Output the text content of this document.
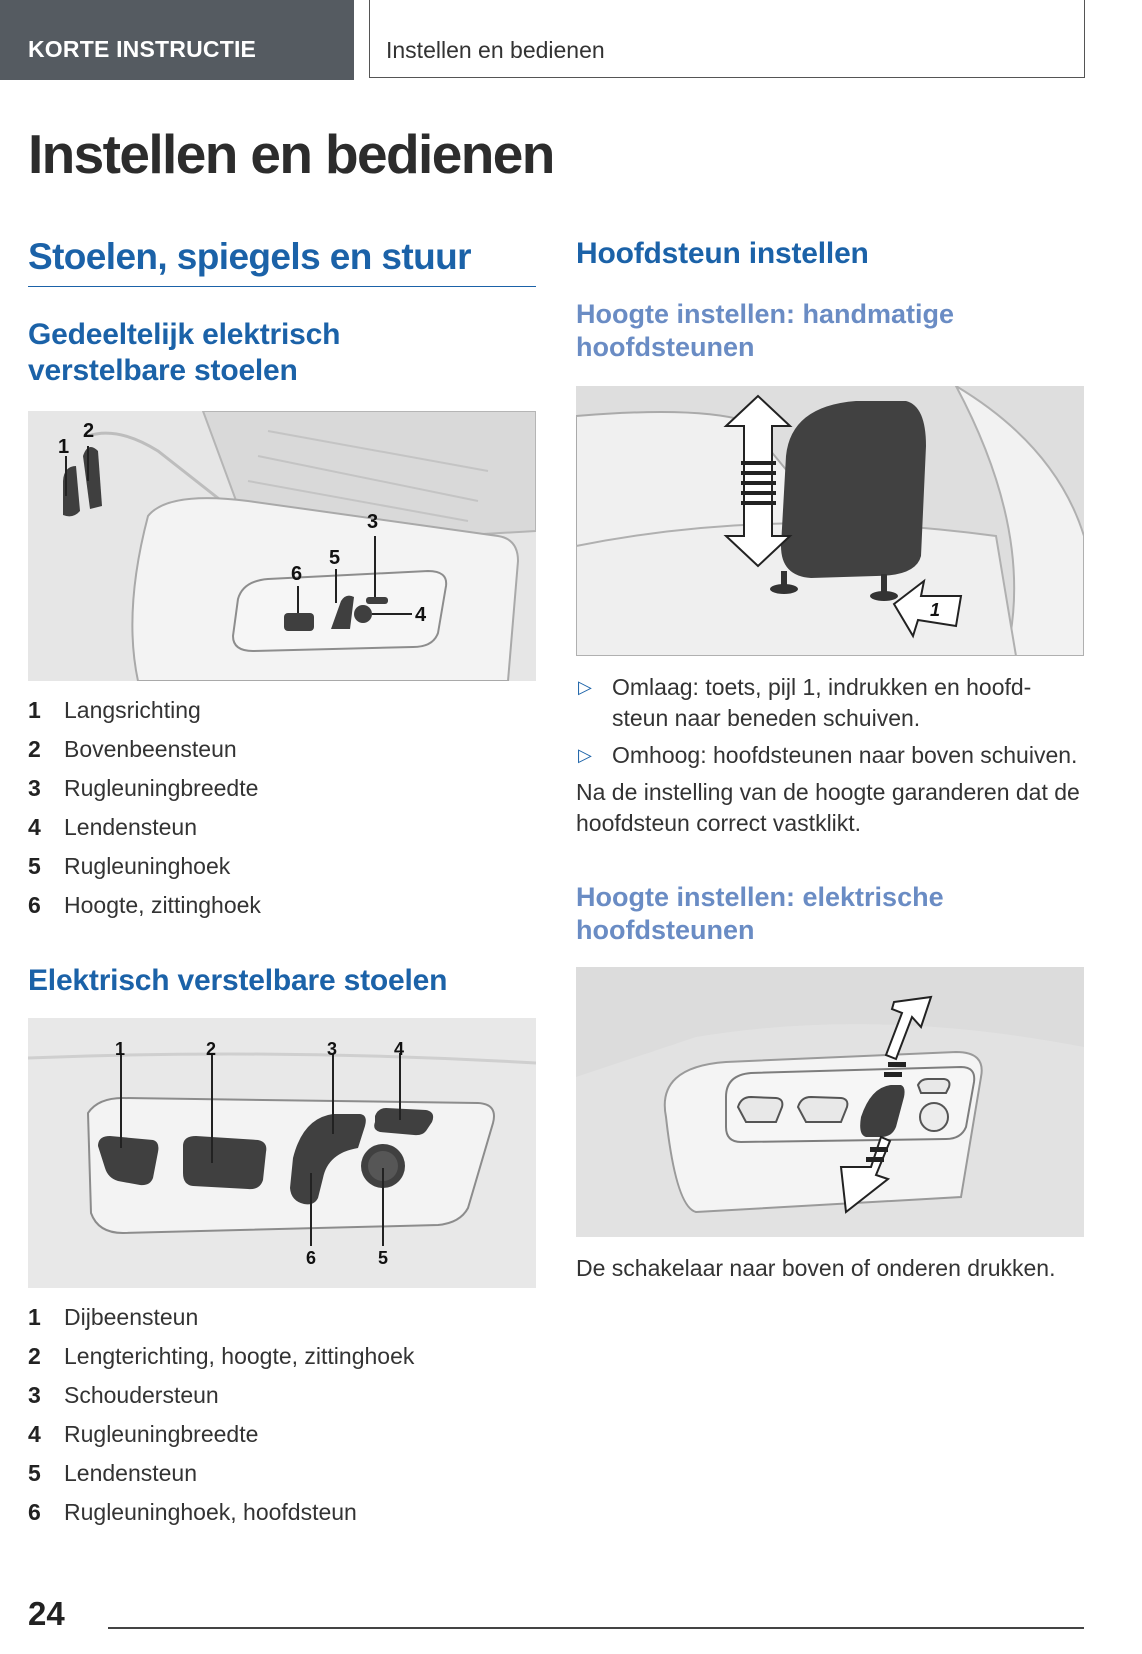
KORTE INSTRUCTIE	Instellen en bedienen
Instellen en bedienen
Stoelen, spiegels en stuur
Gedeeltelijk elektrisch
verstelbare stoelen
1
2
3
4
5
6
1 Langsrichting
2 Bovenbeensteun
3 Rugleuningbreedte
4 Lendensteun
5 Rugleuninghoek
6 Hoogte, zittinghoek
Elektrisch verstelbare stoelen
1	2	3	4
5
6
1 Dijbeensteun
2 Lengterichting, hoogte, zittinghoek
3 Schoudersteun
4 Rugleuningbreedte
5 Lendensteun
6 Rugleuninghoek, hoofdsteun
Hoofdsteun instellen
Hoogte instellen: handmatige
hoofdsteunen
1

▷ Omlaag: toets, pijl 1, indrukken en hoofd-
steun naar beneden schuiven.

▷ Omhoog: hoofdsteunen naar boven schuiven.

Na de instelling van de hoogte garanderen dat de
hoofdsteun correct vastklikt.

Hoogte instellen: elektrische
hoofdsteunen

De schakelaar naar boven of onderen drukken.

24
